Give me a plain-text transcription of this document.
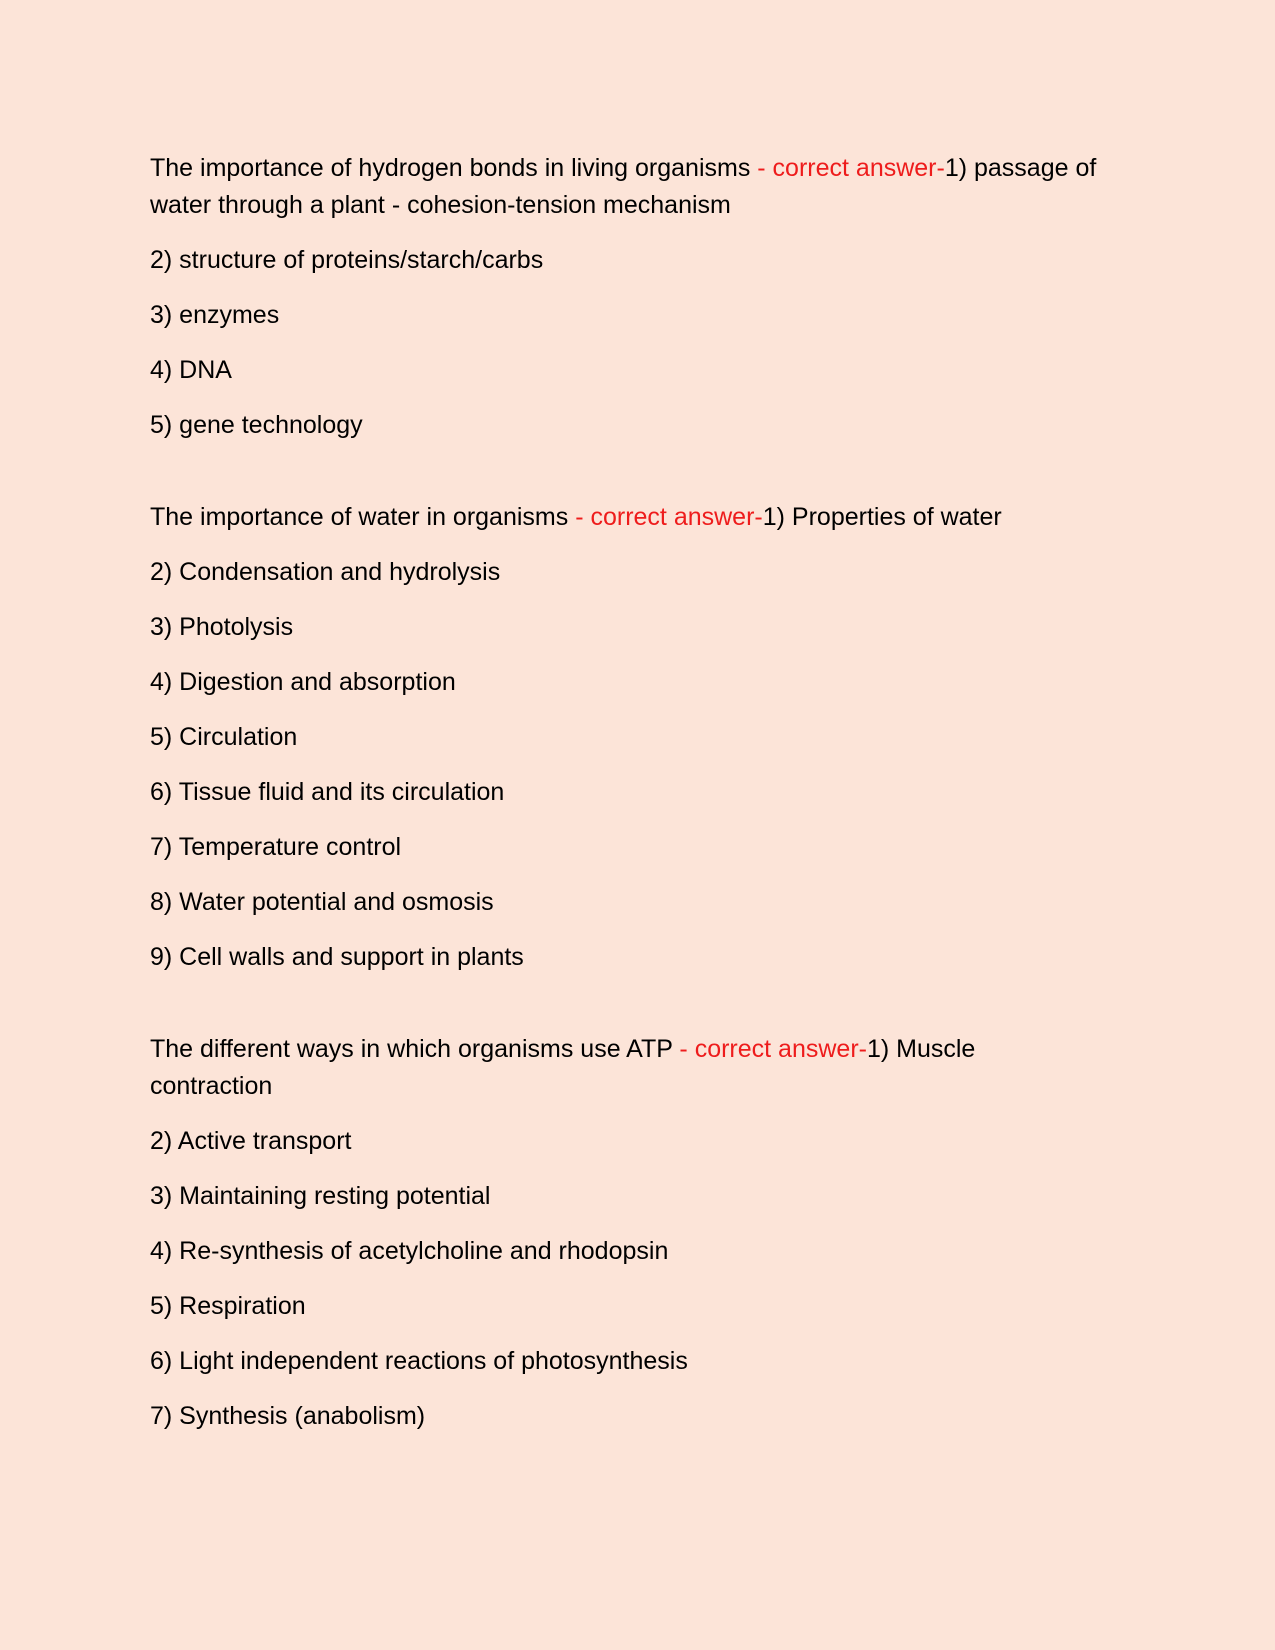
The importance of hydrogen bonds in living organisms - correct answer-1) passage of water through a plant - cohesion-tension mechanism

2) structure of proteins/starch/carbs

3) enzymes

4) DNA

5) gene technology

The importance of water in organisms - correct answer-1) Properties of water

2) Condensation and hydrolysis

3) Photolysis

4) Digestion and absorption

5) Circulation

6) Tissue fluid and its circulation

7) Temperature control

8) Water potential and osmosis

9) Cell walls and support in plants

The different ways in which organisms use ATP - correct answer-1) Muscle contraction

2) Active transport

3) Maintaining resting potential

4) Re-synthesis of acetylcholine and rhodopsin

5) Respiration

6) Light independent reactions of photosynthesis

7) Synthesis (anabolism)
